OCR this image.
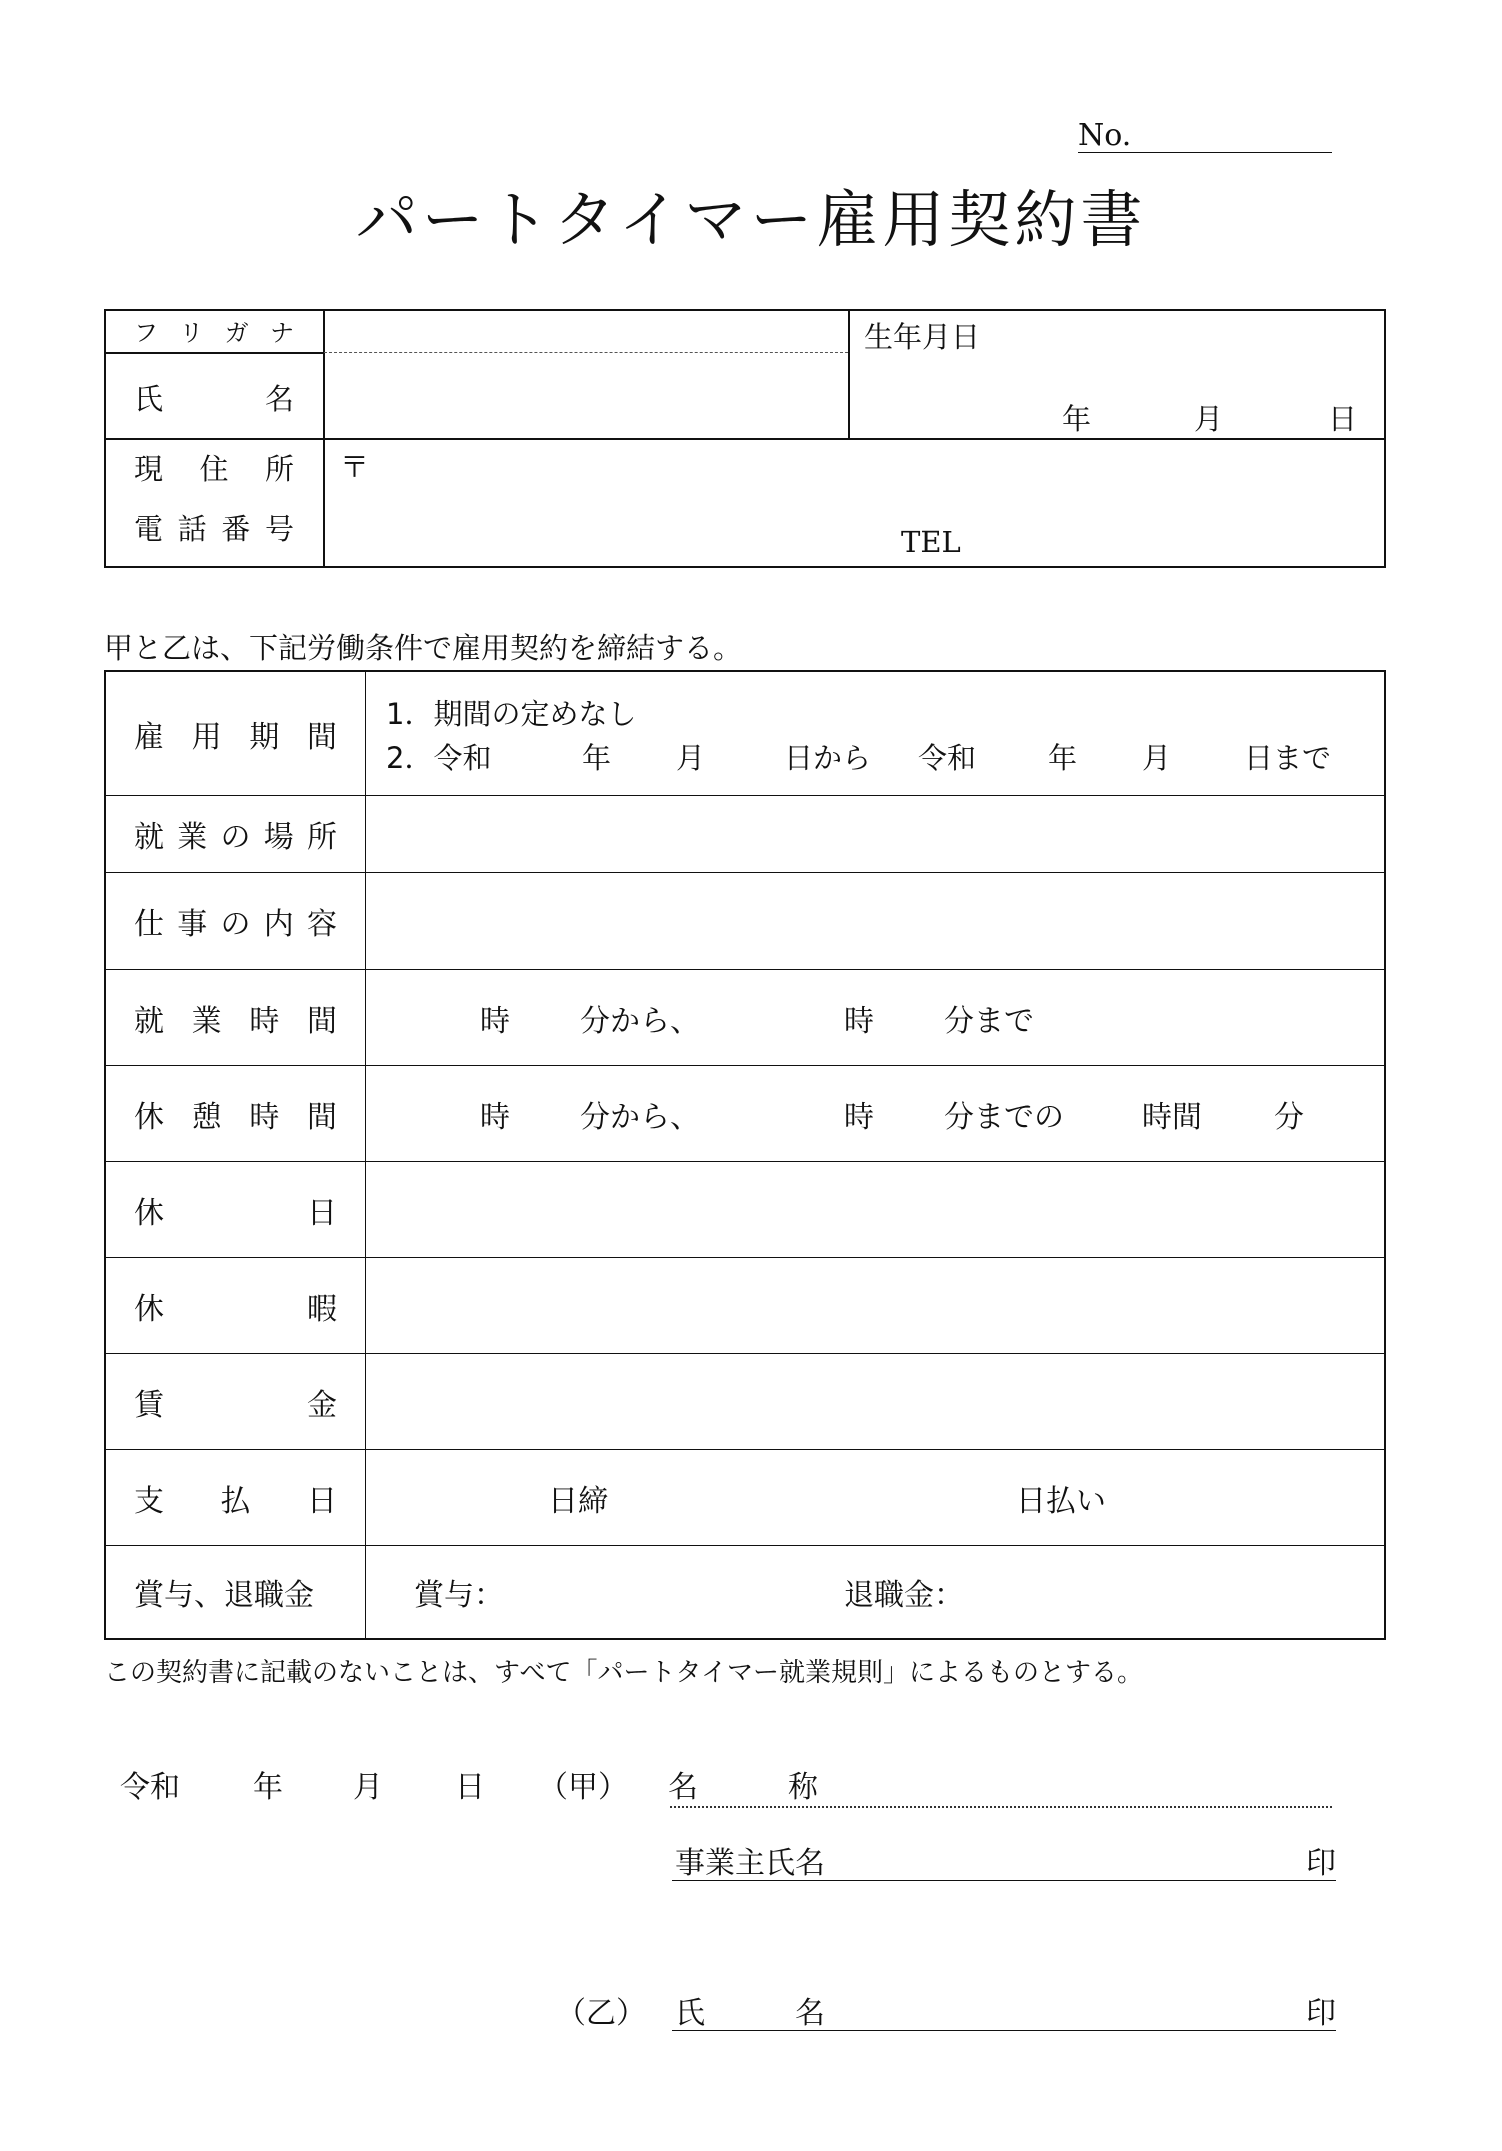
No.
パートタイマー雇用契約書
フ リ ガ ナ
氏	名
生年月日
年	月	日
現 住 所 〒
電 話 番 号	TEL
甲と乙は、下記労働条件で雇用契約を締結する。
雇 用 期 間
1．期間の定めなし
2．令和	年 月	日から 令和 年 月	日まで
就 業 の 場 所
仕 事 の 内 容
就 業 時 間	時 分から、	時 分まで
休 憩 時 間	時 分から、	時 分までの	時間 分
休	日
休	暇
賃	金
支 払 日	日締	日払い
賞与、退職金	賞与：	退職金：
この契約書に記載のないことは、すべて「パートタイマー就業規則」によるものとする。
令和 年 月 日 （甲） 名　　　称
事業主氏名	印
（乙） 氏　　　名	印
